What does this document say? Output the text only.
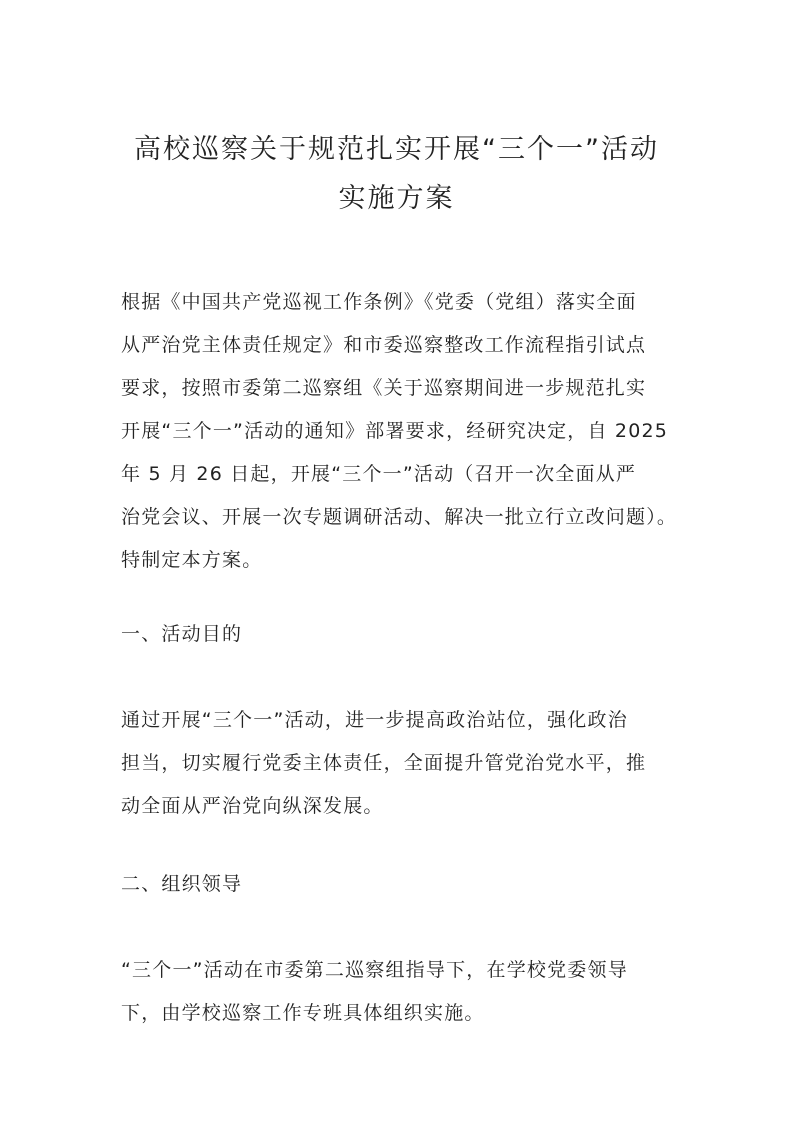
高校巡察关于规范扎实开展“三个一”活动
实施方案

根据《中国共产党巡视工作条例》《党委（党组）落实全面
从严治党主体责任规定》和市委巡察整改工作流程指引试点
要求，按照市委第二巡察组《关于巡察期间进一步规范扎实
开展“三个一”活动的通知》部署要求，经研究决定，自 2025
年 5 月 26 日起，开展“三个一”活动（召开一次全面从严
治党会议、开展一次专题调研活动、解决一批立行立改问题）。
特制定本方案。

一、活动目的

通过开展“三个一”活动，进一步提高政治站位，强化政治
担当，切实履行党委主体责任，全面提升管党治党水平，推
动全面从严治党向纵深发展。

二、组织领导

“三个一”活动在市委第二巡察组指导下，在学校党委领导
下，由学校巡察工作专班具体组织实施。
